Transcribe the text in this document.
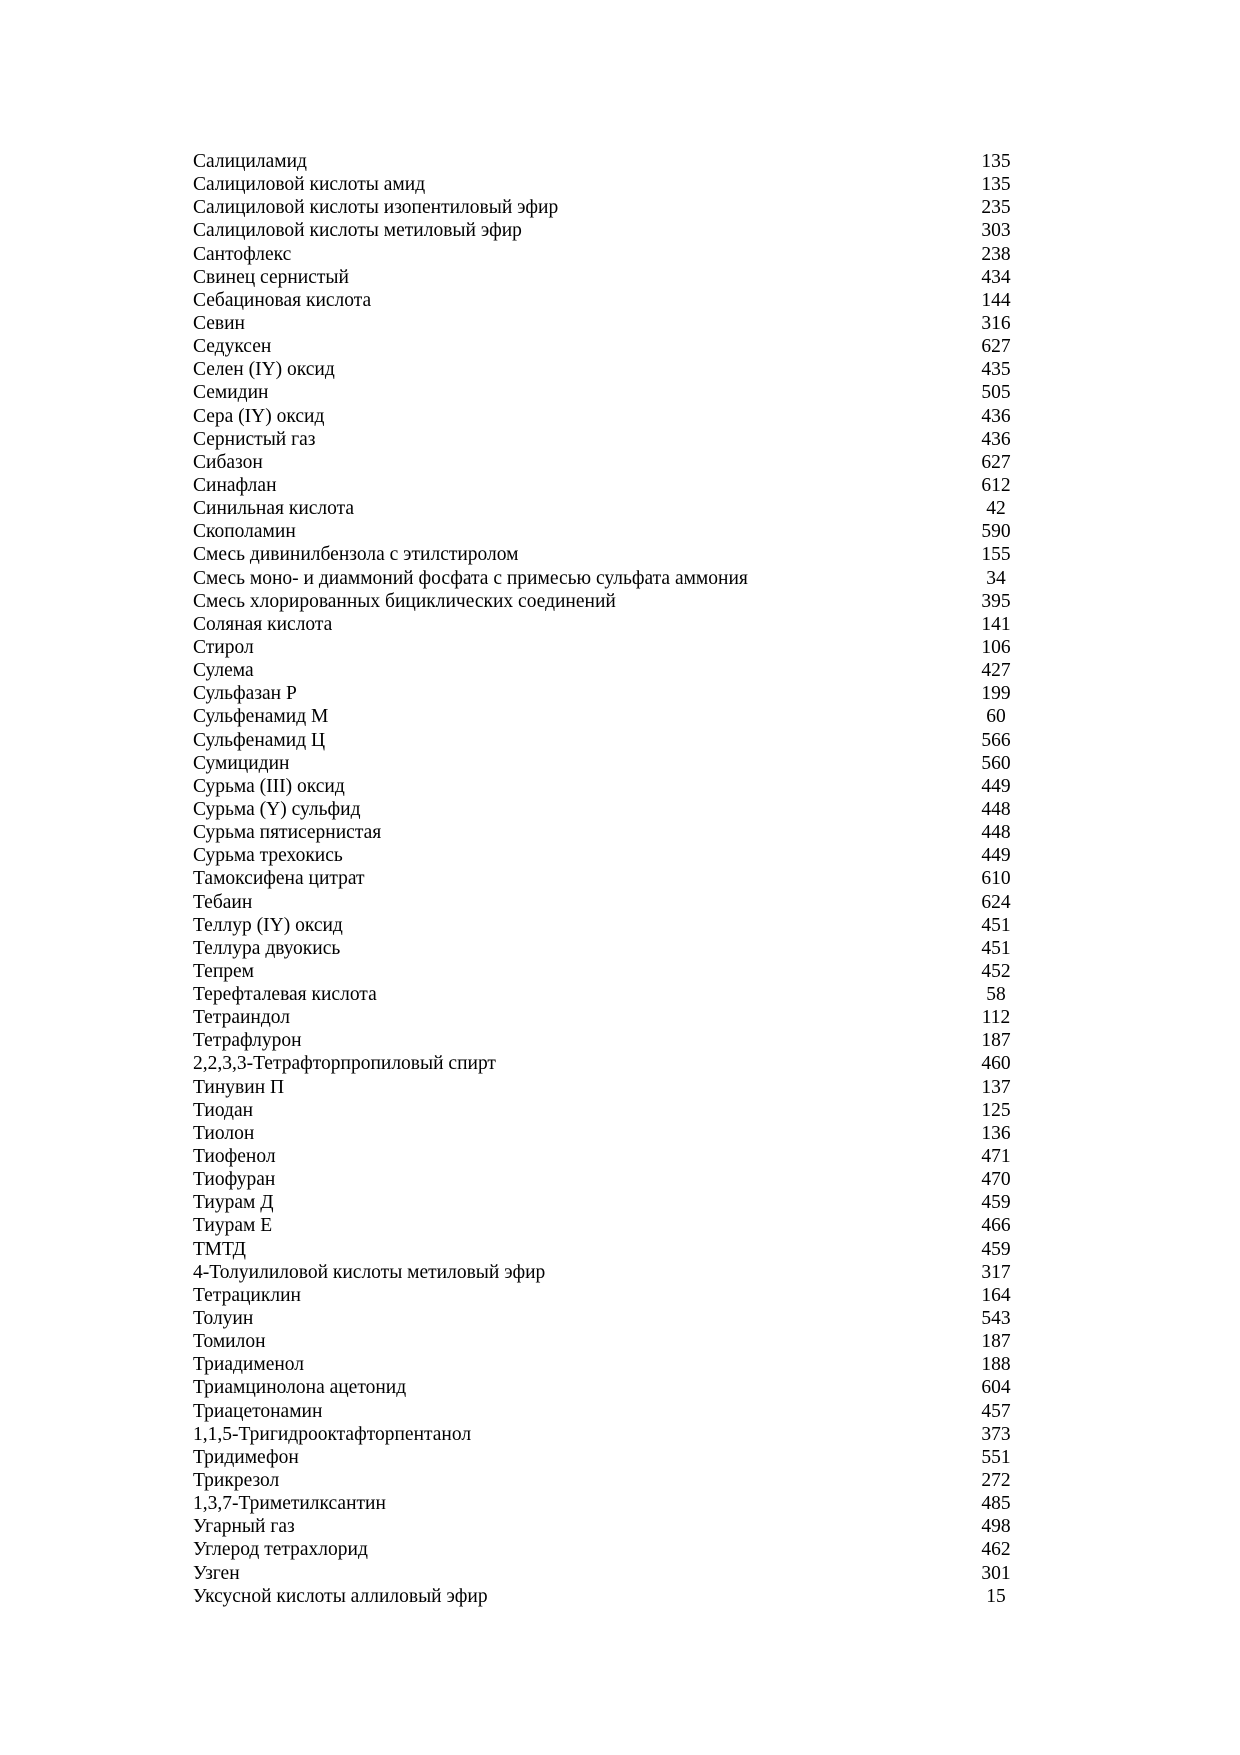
Салициламид	135
Салициловой кислоты амид	135
Салициловой кислоты изопентиловый эфир	235
Салициловой кислоты метиловый эфир	303
Сантофлекс	238
Свинец сернистый	434
Себациновая кислота	144
Севин	316
Седуксен	627
Селен (IY) оксид	435
Семидин	505
Сера (IY) оксид	436
Сернистый газ	436
Сибазон	627
Синафлан	612
Синильная кислота	42
Скополамин	590
Смесь дивинилбензола с этилстиролом	155
Смесь моно- и диаммоний фосфата с примесью сульфата аммония	34
Смесь хлорированных бициклических соединений	395
Соляная кислота	141
Стирол	106
Сулема	427
Сульфазан Р	199
Сульфенамид М	60
Сульфенамид Ц	566
Сумицидин	560
Сурьма (III) оксид	449
Сурьма (Y) сульфид	448
Сурьма пятисернистая	448
Сурьма трехокись	449
Тамоксифена цитрат	610
Тебаин	624
Теллур (IY) оксид	451
Теллура двуокись	451
Тепрем	452
Терефталевая кислота	58
Тетраиндол	112
Тетрафлурон	187
2,2,3,3-Тетрафторпропиловый спирт	460
Тинувин П	137
Тиодан	125
Тиолон	136
Тиофенол	471
Тиофуран	470
Тиурам Д	459
Тиурам Е	466
ТМТД	459
4-Толуилиловой кислоты метиловый эфир	317
Тетрациклин	164
Толуин	543
Томилон	187
Триадименол	188
Триамцинолона ацетонид	604
Триацетонамин	457
1,1,5-Тригидрооктафторпентанол	373
Тридимефон	551
Трикрезол	272
1,3,7-Триметилксантин	485
Угарный газ	498
Углерод тетрахлорид	462
Узген	301
Уксусной кислоты аллиловый эфир	15
